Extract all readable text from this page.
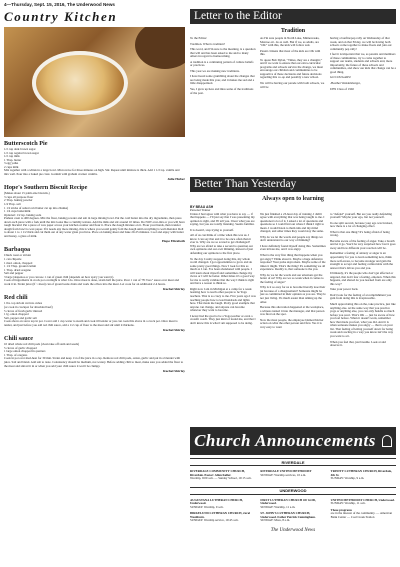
4—Thursday, Sept. 15, 2016, The Underwood News
Country Kitchen
Butterscotch Pie
1/2 cup dark brown sugar
1/2 cup regular brown sugar
1/2 cup milk
1 Tbsp. butter
3 egg yolks
2 cups milk
Mix together with a whisk in a large bowl. Microwave for three minutes on high. Stir. Repeat until mixture is thick. Add 1 1/2 tsp. vanilla and mix well. Pour into a baked pie crust. Garnish with graham cracker crumbs.
Julie Huber
Hope's Southern Biscuit Recipe
(Makes about 15 palm-size biscuits.)
3 cups all purpose flour
2 Tbsp. baking powder
1/4 Tbsp. salt
1 1/2 sticks of salted cold butter cut up into chunks)
1 1/4 cups buttermilk
Optional: 1/2 tsp. baking soda
Preheat oven to 400 degrees. Mix the flour, baking powder and salt in large mixing bowl. Put the cold butter into the dry ingredients, then press down each piece with a fork until the mix looks like a crumbly texture. Add the milk and stir around 10 times. Do NOT over-mix or you will have tough biscuits! Put a piece of wax paper across your kitchen counter and flour it. Place the dough mixture on it. Flour your hands, then transfer dough from bowl to wax paper. If it needs any more mixing, this is where you would gently fold the dough until everything is well-blended. Roll to about 1 to 1 1/2 thick and cut them out of any water glass you have. Place on baking sheet and bake 20-25 minutes. Cool and enjoy with butter and honey, a glass of milk.
Hope Elizabeth
Barbaqoa
Chuck roast or sirloin
1 can chipotle
1 med. onion, chopped
1 1/2 Tbsp. ground cumin
1 Tbsp. dried oregano
Salt and pepper
3 large jalapenos or you can use 1 can of green chili (depends on how spicy you want it).
Cook all ingredients in crock pot overnight is what I do. Once meat is done, strain half the juice. Pour 1 can of "El Toro" sauce over meat and work it in. Strain juice (if ~ meat) can of green beans drain and work the olives into the meat. Let cook for an additional 2-4 hours.
Rachel Shirley
Red chili
1 lbs. top sirloin cut into cubes
(or cook in crockpot for shredded beef)
5 cloves of fresh garlic minced
1 lg. onion chopped
Salt, pepper and garlic salt
Cook above on stove top in pot. Cover add 1 cup water to steam and cook till tender or you can cook this above in a crock pot. Once meat is tender, and just before you add red chili sauce, add a 1/2 cup of flour to the meat and stir until it thickens.
Rachel Shirley
Chili sauce
10 dried whole red chili pods (clean take off stem and seeds)
5 cloves of garlic chopped
1 large onion chopped in quarters
1 Tbsp. of oregano
Cook in pot over med-heat for 30 min. Strain and keep 1/4 of the juice in a cup. Remove red chili pods, onion, garlic and put in a blender with juice. Salt and blend. Add salt to taste. Consistency should be medium, not watery. Before adding chili to meat, make sure you added the flour to the meat and stirred it in or when you add your chili sauce it won't be clumpy.
Rachel Shirley
Letter to the Editor
Tradition

To the Editor:

Tradition. What is tradition?

This word, and I'm sure to the meaning, is a question that will and has been asked to me and to many others in regard to homecoming.

A tradition is a continuing pattern of culture beliefs or practices.

This year we are making new traditions.

I have heard some grumbling about the changes that are being made this year, and it makes me sad and a little disappointed.

Yes, I grew up here and miss some of the traditions of the past.

As I'm sure people in North Lake, Minnewaska, Monroe etc. do as well. But if we, as adults, are "OK" with this, the kids will follow suit.

Parent citizens that most of the kids are OK with this.

To quote Bob Dylan, "Times, they are a changin'," and if we want to ensure that our extra-curricular programs and schools survive the change, we must encourage our children and communities to be supportive of these decisions and future decisions regarding this co-op and possibly a new school.

We will be having our parade with both schools, we will be

having a bonfire/pep rally on Wednesday of that week, and on that Friday, we will be having both schools come together to make floats and join our community pep rally!

I feel it is important that we, as parents and members of these communities, try to come together to support our teams, students and schools and, more importantly, the future of these schools and communities, and show our kids that change can be a good thing.

GO COUGARS!

-Heather Wendelsberger,

UHS Class of 1992

Better Than Yesterday
Always open to learning
BY BEAU ASH
Personal Trainer

Unless I had agree with what you have to say — if that happens — I'll just say that I was presenting my opinion is right, and I'll tell you. I hear what you are saying, but you are totally listening. Seems familiar.

It is doesn't, stop trying to yourself.

All of us can think of a time when this was us. I know I can say that and it to be once often than it ever is. Why are we so scared to get challenged? Why are we afraid to take a second to question our own opinions and our own thinking, instead of just defending our opinions to the first place.

To the day I really stopped doing this, my whole world changed. I got opportunities to grow and do some pretty good things. Now I look for this as much as I can. I've been abandoned with people. I will learn about myself and sometimes change my views or I will be better. Other times it's a good way for me to really validate that the way I think is right and have a reason to think so.

Right now I am in Michigan at a camp for a week learning how to teach other people to be Yoga teachers. That is so crazy to me. Five years ago I was teaching people how to lead hundreds and lights here. That made me laugh. Pretty good example that anyone can change, and anyone can become whatever they want to become.

I never had the goal to be a Yoga teacher or even a crossfit coach. They just kind of found me, and that I don't know this is what I am supposed to be doing.

We just finished a 23-hour day of training. I didn't agree with everything that was being taught to me. I questioned a lot of it. I asked a lot of questions and questions so I could find out where I think I right to mean. I would listen to them talk and my mind changed, and other times they would stay the same.

Why do we let the words and people say things we don't understand to our way of thinking?

I have definitely found myself doing this. Sometimes even irritate me, and I was angry.

What is the very first thing that happens when you get angry? Think about it. Maybe a huge defensive response? Your pulse skyrockets. Maybe some of the times it might. That's the thing! It's something we all experience. Reality is, that someone is the you.

Why do we let the words and our emotions get the better of us? Why are we so weak when it comes to the feeling of anger?

Why is it so easy for us to become literally lose their jut because of a disagreement? Someone might be just as committed in their opinion as you are. They're not just living. It's much easier than talking up the other.

Because this altercation happened at the workplace, a witness turned it into the manager, and that person was fired on the spot.

Now the most people, the employee blamed his her action on what the other person said first. Yes it is very easy to want

to "defend" yourself. But are you really defending yourself? Maybe your ego, but not yourself.

In one split second, because your ego was bruised, now there is a lot of changing effect.

What is that one thing? It's being afraid of being wrong.

Become aware of the feeling of anger. Take a breath and let it go. You'd be very surprised how fast it goes away and how different your reaction will be.

Remember a feeling of anxiety or anger is an opportunity for you to learn something new, think more self-aware, to become stronger and gain the strength to accept and feeling comfortable with the answer that's drives you and you.

Ultimately, it's the people who don't get affected or angered, that don't fear a feeling, emotion. When this happens, and shared do you learned from are only this way?

Take your power back.

Don't look for the feeling of accomplishment you gain from doing this is irreplaceable.

Much appreciating this on the, take practice, just like anything else. At the same way that you practice yoga or anything else, you can only handle so much before you react. That's OK — just be aware of how you feel before. When it doesn't work, remember how that made you feel, what you did. And it is when someone makes you angry — that is on your list. That feeling of letting yourself down for being weak and reacting in a way you know isn't the way you want to act.

When you feel that, just breathe. Look at and observe it.

Church Announcements
RIVERDALE
RIVERDALE COMMUNITY CHURCH, Riverdale. Pastor: Allen Keller.
Worship, 9:00 a.m. — Sunday School, 10:15 a.m.
RIVERDALE UNITED METHODIST
SUNDAY: Worship services, 10 a.m.
TRINITY LUTHERAN CHURCH, Riverdale, 4th St.
SUNDAY: Worship, 9 a.m.
UNDERWOOD
AUGUSTANA LUTHERAN CHURCH, Underwood.
SUNDAY: Worship, 9 a.m.
BIRKELUND LUTHERAN CHURCH, rural Washburn.
SUNDAY: Worship service, 10:45 a.m.
FIRST LUTHERAN CHURCH OF GOD, Underwood.
SUNDAY: Worship, 11 a.m.
ST. JOHN'S LUTHERAN CHURCH, Underwood. Father Patrick Cunningham.
SUNDAY: Mass, 8 a.m.
UNITED METHODIST CHURCH, Underwood.
SUNDAY: Worship, 11 a.m.
These programs
are in the interest of the community. — American Bank Center — Coal Creek Station
The Underwood News
